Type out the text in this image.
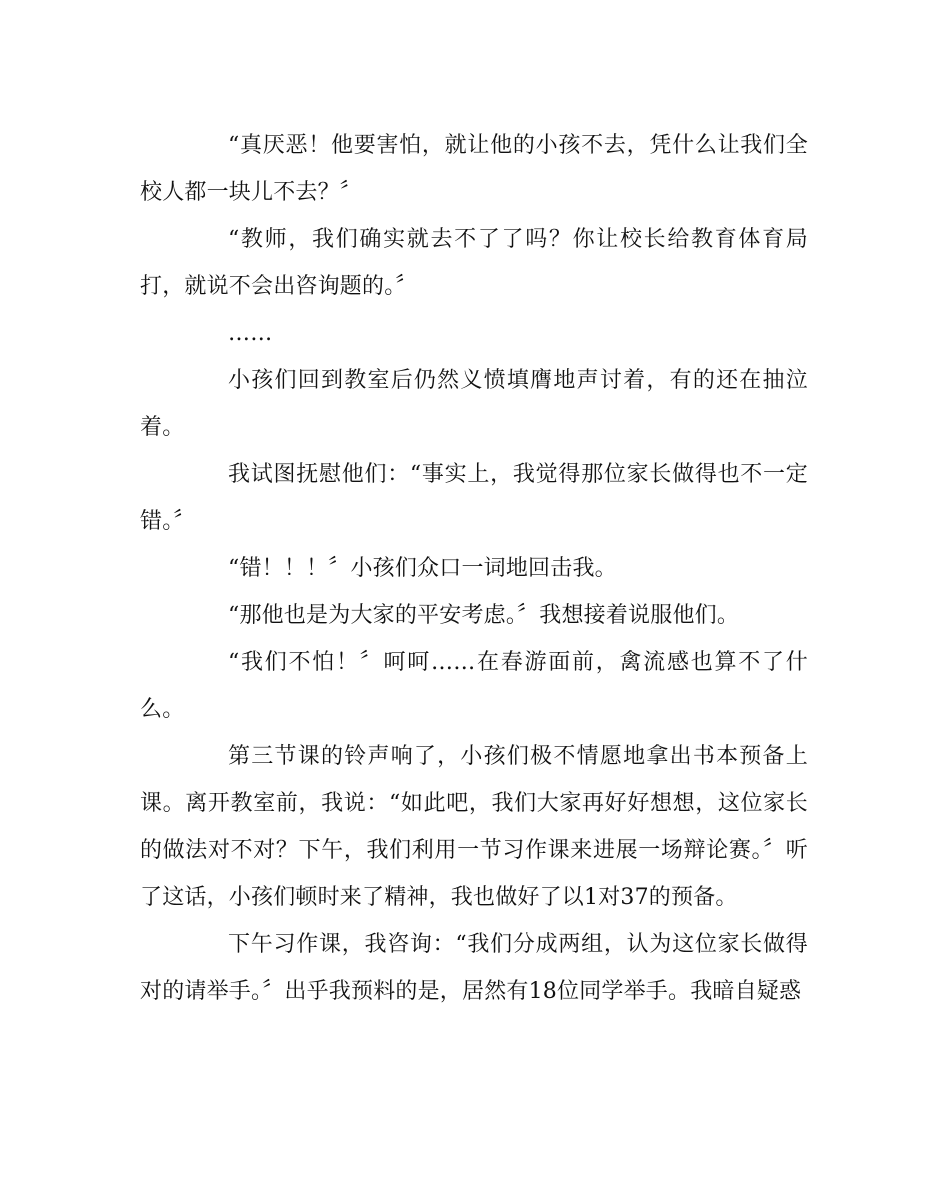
“真厌恶！他要害怕，就让他的小孩不去，凭什么让我们全校人都一块儿不去？〞

“教师，我们确实就去不了了吗？你让校长给教育体育局打，就说不会出咨询题的。〞

……

小孩们回到教室后仍然义愤填膺地声讨着，有的还在抽泣着。

我试图抚慰他们：“事实上，我觉得那位家长做得也不一定错。〞

“错！！！〞小孩们众口一词地回击我。

“那他也是为大家的平安考虑。〞我想接着说服他们。

“我们不怕！〞呵呵……在春游面前，禽流感也算不了什么。

第三节课的铃声响了，小孩们极不情愿地拿出书本预备上课。离开教室前，我说：“如此吧，我们大家再好好想想，这位家长的做法对不对？下午，我们利用一节习作课来进展一场辩论赛。〞听了这话，小孩们顿时来了精神，我也做好了以1对37的预备。

下午习作课，我咨询：“我们分成两组，认为这位家长做得对的请举手。〞出乎我预料的是，居然有18位同学举手。我暗自疑惑
